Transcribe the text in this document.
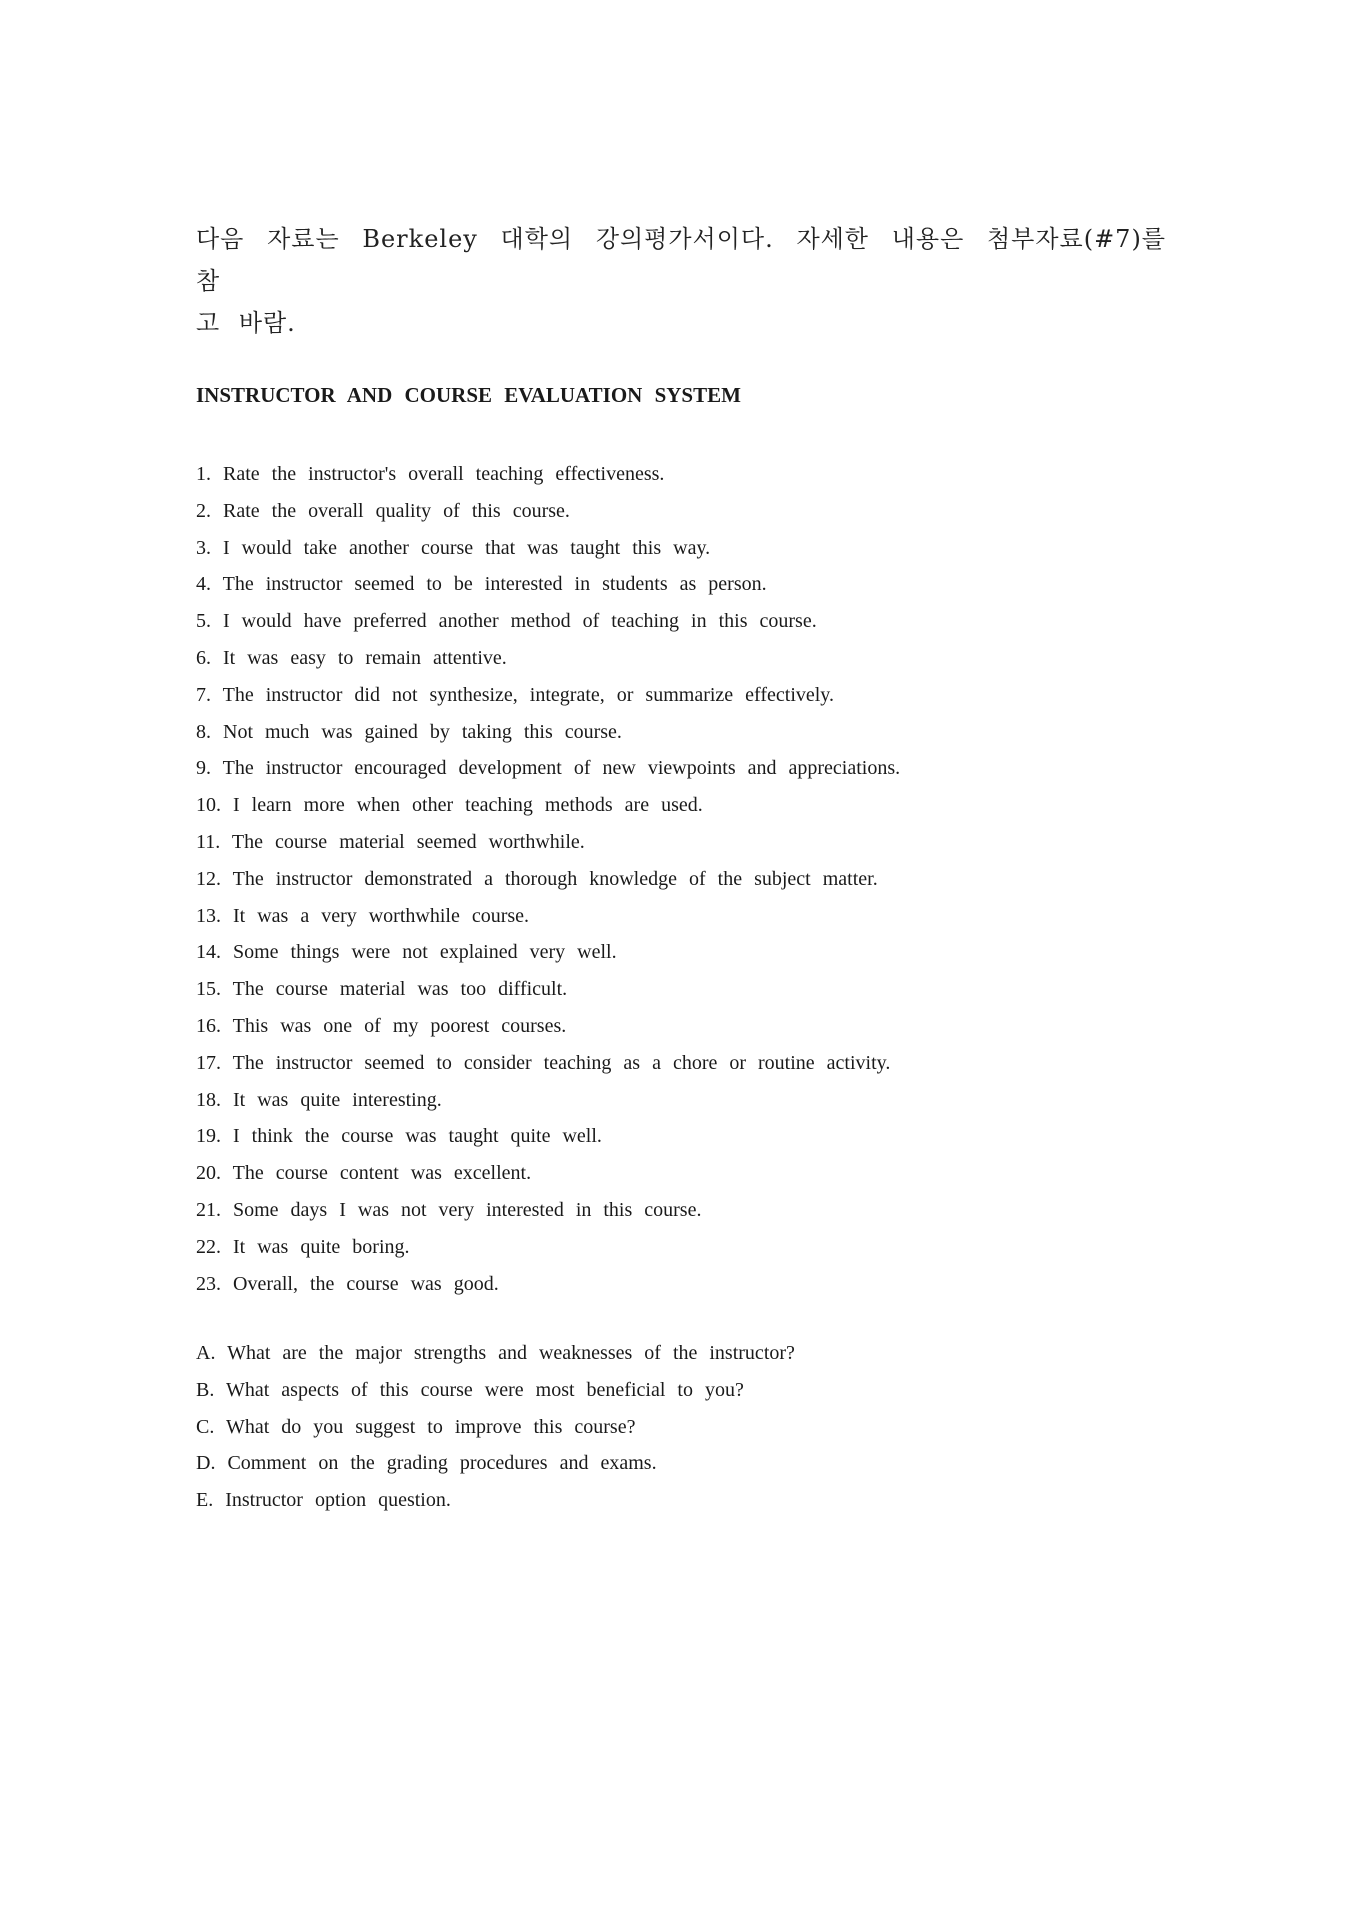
다음 자료는 Berkeley 대학의 강의평가서이다. 자세한 내용은 첨부자료(#7)를 참

고 바람.

INSTRUCTOR AND COURSE EVALUATION SYSTEM
1. Rate the instructor's overall teaching effectiveness.
2. Rate the overall quality of this course.
3. I would take another course that was taught this way.
4. The instructor seemed to be interested in students as person.
5. I would have preferred another method of teaching in this course.
6. It was easy to remain attentive.
7. The instructor did not synthesize, integrate, or summarize effectively.
8. Not much was gained by taking this course.
9. The instructor encouraged development of new viewpoints and appreciations.
10. I learn more when other teaching methods are used.
11. The course material seemed worthwhile.
12. The instructor demonstrated a thorough knowledge of the subject matter.
13. It was a very worthwhile course.
14. Some things were not explained very well.
15. The course material was too difficult.
16. This was one of my poorest courses.
17. The instructor seemed to consider teaching as a chore or routine activity.
18. It was quite interesting.
19. I think the course was taught quite well.
20. The course content was excellent.
21. Some days I was not very interested in this course.
22. It was quite boring.
23. Overall, the course was good.
A. What are the major strengths and weaknesses of the instructor?
B. What aspects of this course were most beneficial to you?
C. What do you suggest to improve this course?
D. Comment on the grading procedures and exams.
E. Instructor option question.
